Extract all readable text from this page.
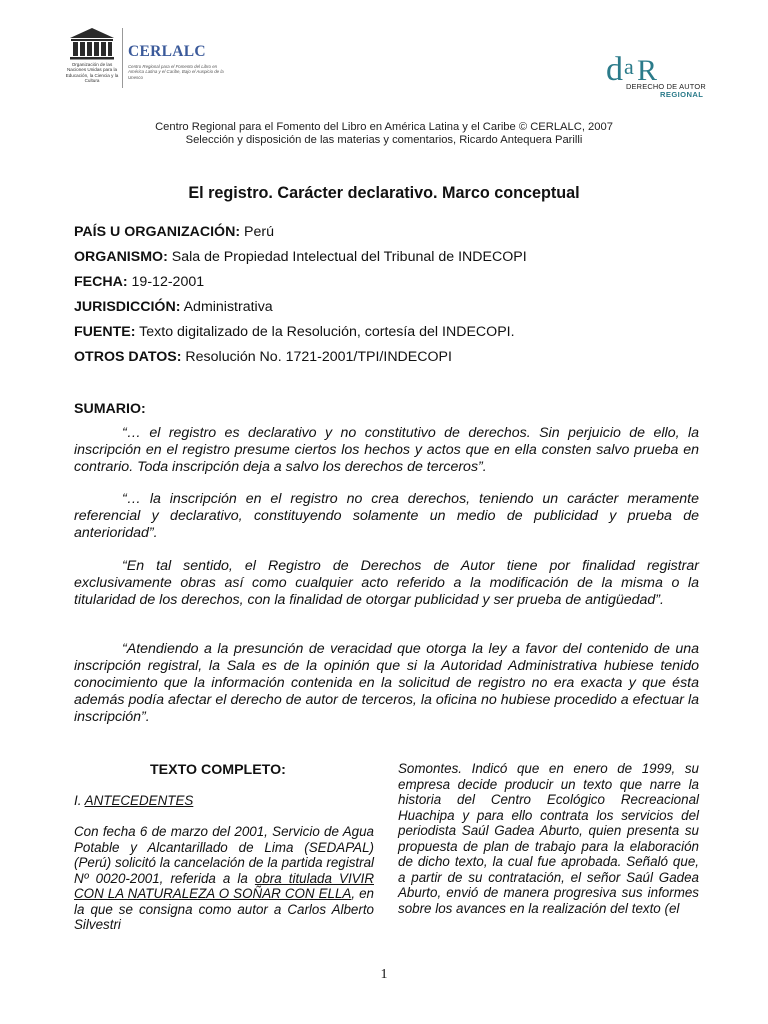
Organización de las Naciones Unidas para la Educación, la Ciencia y la Cultura
CERLALC
Centro Regional para el Fomento del Libro en América Latina y el Caribe, Bajo el Auspicio de la Unesco	d a R
DERECHO DE AUTOR
REGIONAL
Centro Regional para el Fomento del Libro en América Latina y el Caribe © CERLALC, 2007
Selección y disposición de las materias y comentarios, Ricardo Antequera Parilli
El registro. Carácter declarativo. Marco conceptual
PAÍS U ORGANIZACIÓN: Perú
ORGANISMO: Sala de Propiedad Intelectual del Tribunal de INDECOPI
FECHA: 19-12-2001
JURISDICCIÓN: Administrativa
FUENTE: Texto digitalizado de la Resolución, cortesía del INDECOPI.
OTROS DATOS: Resolución No. 1721-2001/TPI/INDECOPI
SUMARIO:
“… el registro es declarativo y no constitutivo de derechos. Sin perjuicio de ello, la inscripción en el registro presume ciertos los hechos y actos que en ella consten salvo prueba en contrario. Toda inscripción deja a salvo los derechos de terceros”.
“… la inscripción en el registro no crea derechos, teniendo un carácter meramente referencial y declarativo, constituyendo solamente un medio de publicidad y prueba de anterioridad”.
“En tal sentido, el Registro de Derechos de Autor tiene por finalidad registrar exclusivamente obras así como cualquier acto referido a la modificación de la misma o la titularidad de los derechos, con la finalidad de otorgar publicidad y ser prueba de antigüedad”.
“Atendiendo a la presunción de veracidad que otorga la ley a favor del contenido de una inscripción registral, la Sala es de la opinión que si la Autoridad Administrativa hubiese tenido conocimiento que la información contenida en la solicitud de registro no era exacta y que ésta además podía afectar el derecho de autor de terceros, la oficina no hubiese procedido a efectuar la inscripción”.
TEXTO COMPLETO:
I. ANTECEDENTES
Con fecha 6 de marzo del 2001, Servicio de Agua Potable y Alcantarillado de Lima (SEDAPAL) (Perú) solicitó la cancelación de la partida registral Nº 0020-2001, referida a la obra titulada VIVIR CON LA NATURALEZA O SOÑAR CON ELLA, en la que se consigna como autor a Carlos Alberto Silvestri
Somontes. Indicó que en enero de 1999, su empresa decide producir un texto que narre la historia del Centro Ecológico Recreacional Huachipa y para ello contrata los servicios del periodista Saúl Gadea Aburto, quien presenta su propuesta de plan de trabajo para la elaboración de dicho texto, la cual fue aprobada. Señaló que, a partir de su contratación, el señor Saúl Gadea Aburto, envió de manera progresiva sus informes sobre los avances en la realización del texto (el
1
